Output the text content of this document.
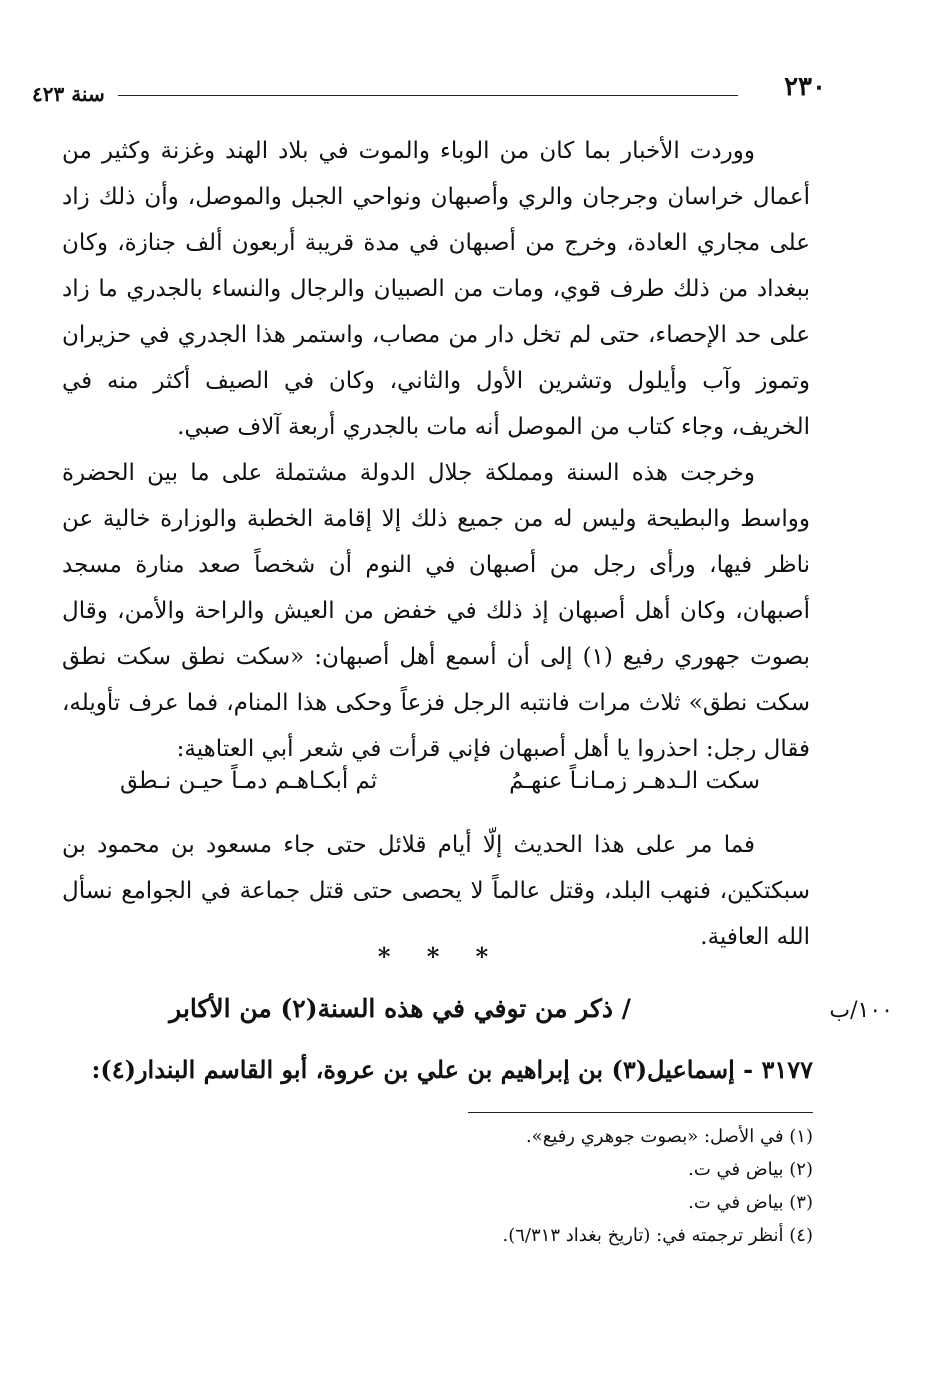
٢٣٠
سنة ٤٢٣

ووردت الأخبار بما كان من الوباء والموت في بلاد الهند وغزنة وكثير من أعمال خراسان وجرجان والري وأصبهان ونواحي الجبل والموصل، وأن ذلك زاد على مجاري العادة، وخرج من أصبهان في مدة قريبة أربعون ألف جنازة، وكان ببغداد من ذلك طرف قوي، ومات من الصبيان والرجال والنساء بالجدري ما زاد على حد الإحصاء، حتى لم تخل دار من مصاب، واستمر هذا الجدري في حزيران وتموز وآب وأيلول وتشرين الأول والثاني، وكان في الصيف أكثر منه في الخريف، وجاء كتاب من الموصل أنه مات بالجدري أربعة آلاف صبي.

وخرجت هذه السنة ومملكة جلال الدولة مشتملة على ما بين الحضرة وواسط والبطيحة وليس له من جميع ذلك إلا إقامة الخطبة والوزارة خالية عن ناظر فيها، ورأى رجل من أصبهان في النوم أن شخصاً صعد منارة مسجد أصبهان، وكان أهل أصبهان إذ ذلك في خفض من العيش والراحة والأمن، وقال بصوت جهوري رفيع (١) إلى أن أسمع أهل أصبهان: «سكت نطق سكت نطق سكت نطق» ثلاث مرات فانتبه الرجل فزعاً وحكى هذا المنام، فما عرف تأويله، فقال رجل: احذروا يا أهل أصبهان فإني قرأت في شعر أبي العتاهية:

سكت الـدهـر زمـانـاً عنهـمُ
ثم أبكـاهـم دمـاً حيـن نـطق

فما مر على هذا الحديث إلّا أيام قلائل حتى جاء مسعود بن محمود بن سبكتكين، فنهب البلد، وقتل عالماً لا يحصى حتى قتل جماعة في الجوامع نسأل الله العافية.

* * *
١٠٠/ب
/ ذكر من توفي في هذه السنة(٢) من الأكابر
٣١٧٧ - إسماعيل(٣) بن إبراهيم بن علي بن عروة، أبو القاسم البندار(٤):
(١) في الأصل: «بصوت جوهري رفيع».
(٢) بياض في ت.
(٣) بياض في ت.
(٤) أنظر ترجمته في: (تاريخ بغداد ٦/٣١٣).
